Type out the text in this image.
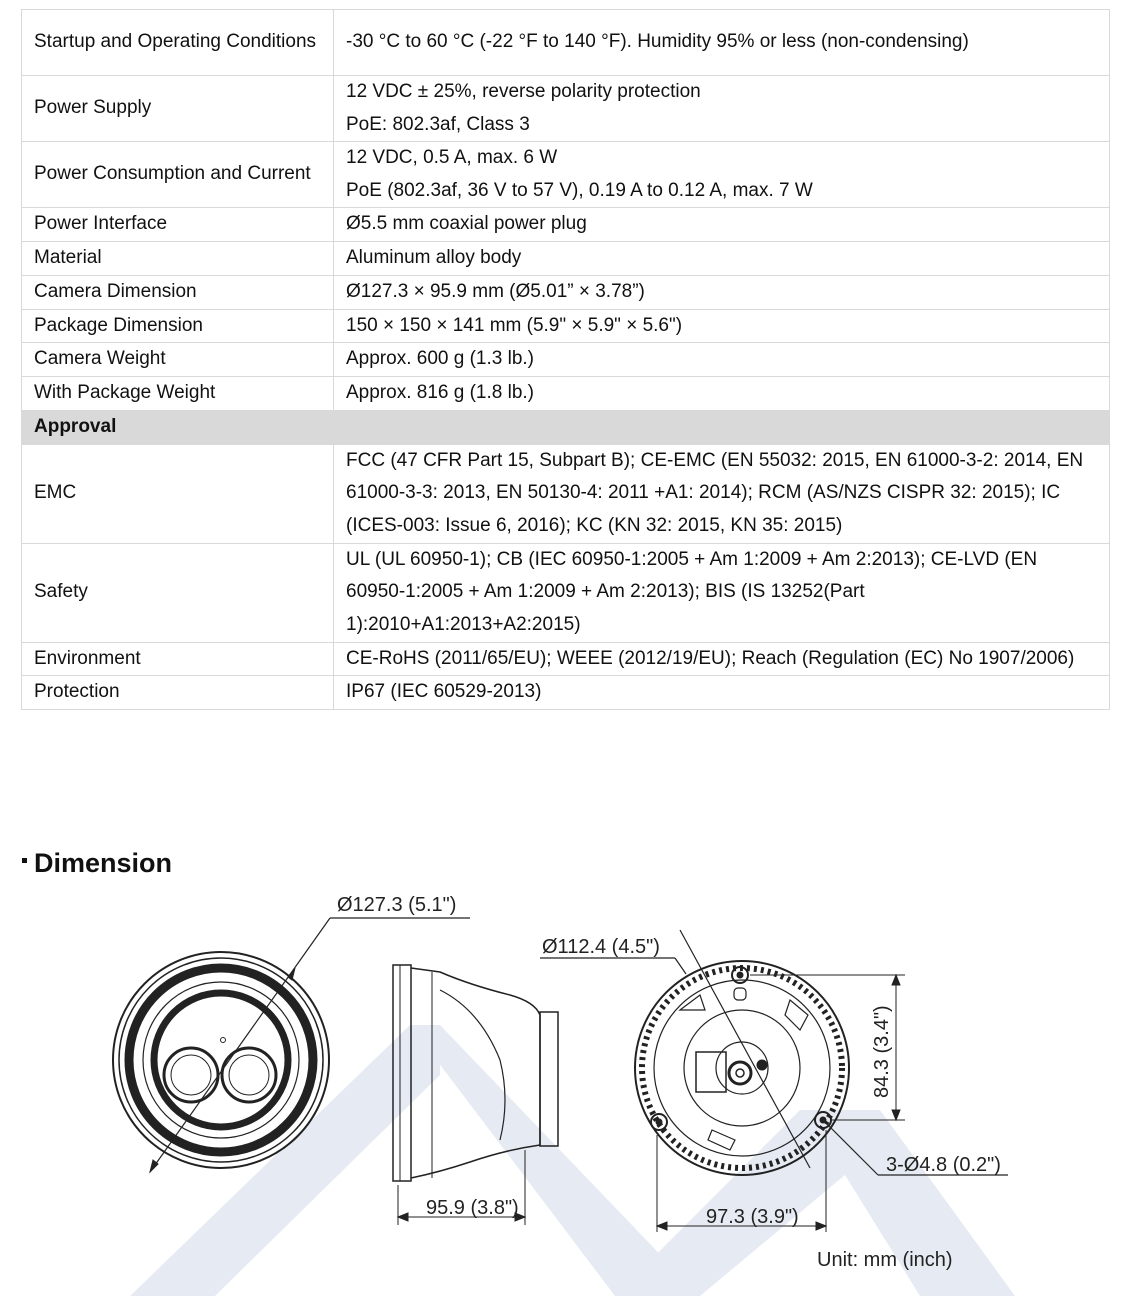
Startup and Operating Conditions	-30 °C to 60 °C (-22 °F to 140 °F). Humidity 95% or less (non-condensing)

Power Supply	12 VDC ± 25%, reverse polarity protection
PoE: 802.3af, Class 3

Power Consumption and Current	12 VDC, 0.5 A, max. 6 W
PoE (802.3af, 36 V to 57 V), 0.19 A to 0.12 A, max. 7 W

Power Interface	Ø5.5 mm coaxial power plug
Material	Aluminum alloy body
Camera Dimension	Ø127.3 × 95.9 mm (Ø5.01” × 3.78”)
Package Dimension	150 × 150 × 141 mm (5.9" × 5.9" × 5.6")
Camera Weight	Approx. 600 g (1.3 lb.)
With Package Weight	Approx. 816 g (1.8 lb.)
Approval	
EMC	FCC (47 CFR Part 15, Subpart B); CE-EMC (EN 55032: 2015, EN 61000-3-2: 2014, EN
61000-3-3: 2013, EN 50130-4: 2011 +A1: 2014); RCM (AS/NZS CISPR 32: 2015); IC
(ICES-003: Issue 6, 2016); KC (KN 32: 2015, KN 35: 2015)

Safety	UL (UL 60950-1); CB (IEC 60950-1:2005 + Am 1:2009 + Am 2:2013); CE-LVD (EN
60950-1:2005 + Am 1:2009 + Am 2:2013); BIS (IS 13252(Part
1):2010+A1:2013+A2:2015)

Environment	CE-RoHS (2011/65/EU); WEEE (2012/19/EU); Reach (Regulation (EC) No 1907/2006)
Protection	IP67 (IEC 60529-2013)
Dimension
Ø127.3 (5.1")
95.9 (3.8")
Ø112.4 (4.5")
84.3 (3.4")
3-Ø4.8 (0.2")
97.3 (3.9")
Unit: mm (inch)
